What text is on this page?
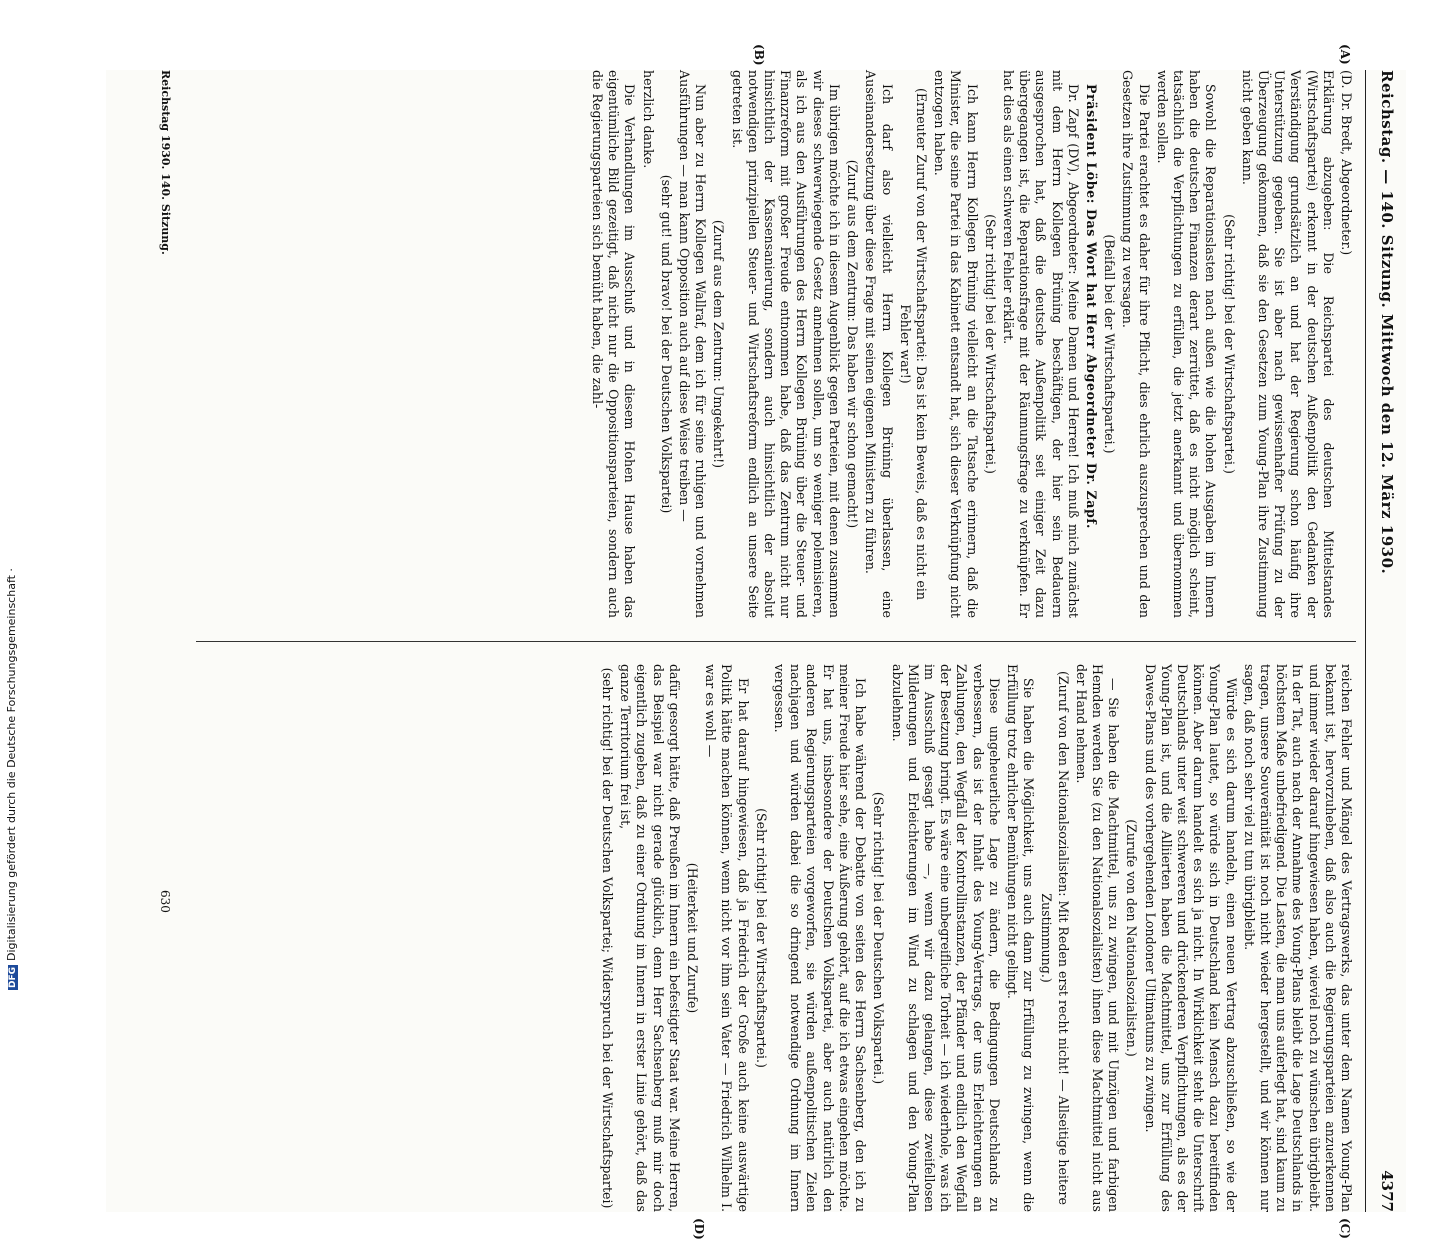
Reichstag. — 140. Sitzung. Mittwoch den 12. März 1930.
4377
(A)
(B)
(C)
(D)

(D. Dr. Bredt, Abgeordneter.)

Erklärung abzugeben: Die Reichspartei des deutschen Mittelstandes (Wirtschaftspartei) erkennt in der deutschen Außenpolitik den Gedanken der Verständigung grundsätzlich an und hat der Regierung schon häufig ihre Unterstützung gegeben. Sie ist aber nach gewissenhafter Prüfung zu der Überzeugung gekommen, daß sie den Gesetzen zum Young-Plan ihre Zustimmung nicht geben kann.

(Sehr richtig! bei der Wirtschaftspartei.)

Sowohl die Reparationslasten nach außen wie die hohen Ausgaben im Innern haben die deutschen Finanzen derart zerrüttet, daß es nicht möglich scheint, tatsächlich die Verpflichtungen zu erfüllen, die jetzt anerkannt und übernommen werden sollen.

Die Partei erachtet es daher für ihre Pflicht, dies ehrlich auszusprechen und den Gesetzen ihre Zustimmung zu versagen.

(Beifall bei der Wirtschaftspartei.)

Präsident Löbe: Das Wort hat Herr Abgeordneter Dr. Zapf.

Dr. Zapf (DV), Abgeordneter: Meine Damen und Herren! Ich muß mich zunächst mit dem Herrn Kollegen Brüning beschäftigen, der hier sein Bedauern ausgesprochen hat, daß die deutsche Außenpolitik seit einiger Zeit dazu übergegangen ist, die Reparationsfrage mit der Räumungsfrage zu verknüpfen. Er hat dies als einen schweren Fehler erklärt.

(Sehr richtig! bei der Wirtschaftspartei.)

Ich kann Herrn Kollegen Brüning vielleicht an die Tatsache erinnern, daß die Minister, die seine Partei in das Kabinett entsandt hat, sich dieser Verknüpfung nicht entzogen haben.

(Erneuter Zuruf von der Wirtschaftspartei: Das ist kein Beweis, daß es nicht ein Fehler war!)

Ich darf also vielleicht Herrn Kollegen Brüning überlassen, eine Auseinandersetzung über diese Frage mit seinen eigenen Ministern zu führen.

(Zuruf aus dem Zentrum: Das haben wir schon gemacht!)

Im übrigen möchte ich in diesem Augenblick gegen Parteien, mit denen zusammen wir dieses schwerwiegende Gesetz annehmen sollen, um so weniger polemisieren, als ich aus den Ausführungen des Herrn Kollegen Brüning über die Steuer- und Finanzreform mit großer Freude entnommen habe, daß das Zentrum nicht nur hinsichtlich der Kassensanierung, sondern auch hinsichtlich der absolut notwendigen prinzipiellen Steuer- und Wirtschaftsreform endlich an unsere Seite getreten ist.

(Zuruf aus dem Zentrum: Umgekehrt!)

Nun aber zu Herrn Kollegen Wallraf, dem ich für seine ruhigen und vornehmen Ausführungen — man kann Opposition auch auf diese Weise treiben —

(sehr gut! und bravo! bei der Deutschen Volkspartei)

herzlich danke.

Die Verhandlungen im Ausschuß und in diesem Hohen Hause haben das eigentümliche Bild gezeitigt, daß nicht nur die Oppositionsparteien, sondern auch die Regierungsparteien sich bemüht haben, die zahl-

reichen Fehler und Mängel des Vertragswerks, das unter dem Namen Young-Plan bekannt ist, hervorzuheben, daß also auch die Regierungsparteien anzuerkennen und immer wieder darauf hingewiesen haben, wieviel noch zu wünschen übrigbleibt. In der Tat, auch nach der Annahme des Young-Plans bleibt die Lage Deutschlands in höchstem Maße unbefriedigend. Die Lasten, die man uns auferlegt hat, sind kaum zu tragen, unsere Souveränität ist noch nicht wieder hergestellt, und wir können nur sagen, daß noch sehr viel zu tun übrigbleibt.

Würde es sich darum handeln, einen neuen Vertrag abzuschließen, so wie der Young-Plan lautet, so würde sich in Deutschland kein Mensch dazu bereitfinden können. Aber darum handelt es sich ja nicht. In Wirklichkeit steht die Unterschrift Deutschlands unter weit schwereren und drückenderen Verpflichtungen, als es der Young-Plan ist, und die Alliierten haben die Machtmittel, uns zur Erfüllung des Dawes-Plans und des vorhergehenden Londoner Ultimatums zu zwingen.

(Zurufe von den Nationalsozialisten.)

— Sie haben die Machtmittel, uns zu zwingen, und mit Umzügen und farbigen Hemden werden Sie (zu den Nationalsozialisten) ihnen diese Machtmittel nicht aus der Hand nehmen.

(Zuruf von den Nationalsozialisten: Mit Reden erst recht nicht! — Allseitige heitere Zustimmung.)

Sie haben die Möglichkeit, uns auch dann zur Erfüllung zu zwingen, wenn die Erfüllung trotz ehrlicher Bemühungen nicht gelingt.

Diese ungeheuerliche Lage zu ändern, die Bedingungen Deutschlands zu verbessern, das ist der Inhalt des Young-Vertrags, der uns Erleichterungen an Zahlungen, den Wegfall der Kontrollinstanzen, der Pfänder und endlich den Wegfall der Besetzung bringt. Es wäre eine unbegreifliche Torheit — ich wiederhole, was ich im Ausschuß gesagt habe —, wenn wir dazu gelangen, diese zweifellosen Milderungen und Erleichterungen im Wind zu schlagen und den Young-Plan abzulehnen.

(Sehr richtig! bei der Deutschen Volkspartei.)

Ich habe während der Debatte von seiten des Herrn Sachsenberg, den ich zu meiner Freude hier sehe, eine Äußerung gehört, auf die ich etwas eingehen möchte. Er hat uns, insbesondere der Deutschen Volkspartei, aber auch natürlich den anderen Regierungsparteien vorgeworfen, sie würden außenpolitischen Zielen nachjagen und würden dabei die so dringend notwendige Ordnung im Innern vergessen.

(Sehr richtig! bei der Wirtschaftspartei.)

Er hat darauf hingewiesen, daß ja Friedrich der Große auch keine auswärtige Politik hätte machen können, wenn nicht vor ihm sein Vater — Friedrich Wilhelm I. war es wohl —

(Heiterkeit und Zurufe)

dafür gesorgt hätte, daß Preußen im Innern ein befestigter Staat war. Meine Herren, das Beispiel war nicht gerade glücklich, denn Herr Sachsenberg muß mir doch eigentlich zugeben, daß zu einer Ordnung im Innern in erster Linie gehört, daß das ganze Territorium frei ist,

(sehr richtig! bei der Deutschen Volkspartei; Widerspruch bei der Wirtschaftspartei)

Reichstag 1930. 140. Sitzung.
630
DFGDigitalisierung gefördert durch die Deutsche Forschungsgemeinschaft ·
